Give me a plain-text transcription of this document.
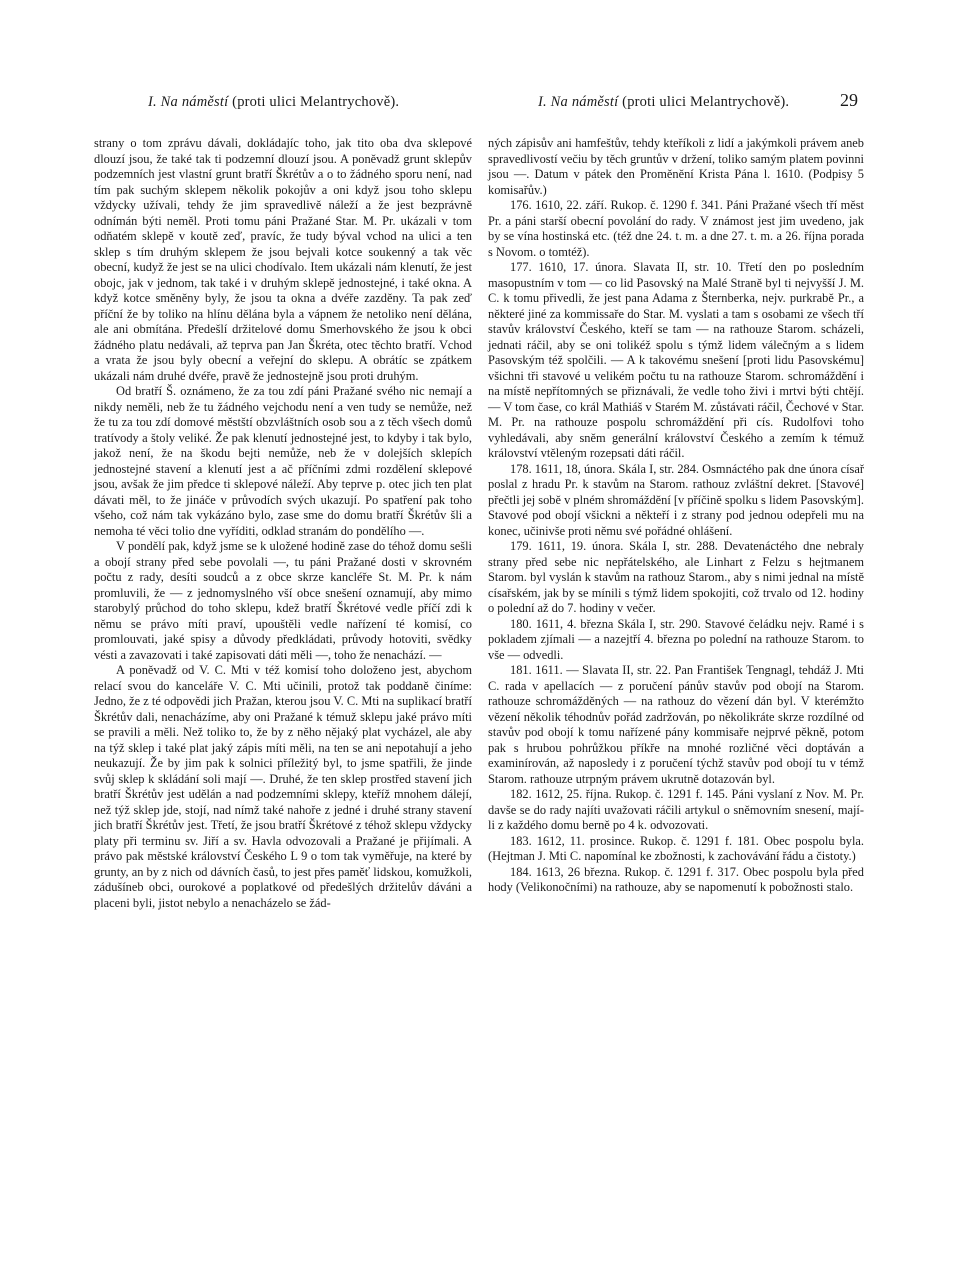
I. Na náměstí (proti ulici Melantrychově).	I. Na náměstí (proti ulici Melantrychově).	29

strany o tom zprávu dávali, dokládajíc toho, jak tito oba dva sklepové dlouzí jsou, že také tak ti podzemní dlouzí jsou. A poněvadž grunt sklepův podzemních jest vlastní grunt bratří Škrétův a o to žádného sporu není, nad tím pak suchým sklepem několik pokojův a oni když jsou toho sklepu vždycky užívali, tehdy že jim spravedlivě náleží a že jest bezprávně odnímán býti neměl. Proti tomu páni Pražané Star. M. Pr. ukázali v tom odňatém sklepě v koutě zeď, pravíc, že tudy býval vchod na ulici a ten sklep s tím druhým sklepem že jsou bejvali kotce soukenný a tak věc obecní, kudyž že jest se na ulici chodívalo. Item ukázali nám klenutí, že jest obojc, jak v jednom, tak také i v druhým sklepě jednostejné, i také okna. A když kotce směněny byly, že jsou ta okna a dvéře zazděny. Ta pak zeď příční že by toliko na hlínu dělána byla a vápnem že netoliko není dělána, ale ani obmítána. Předešlí držitelové domu Smerhovského že jsou k obci žádného platu nedávali, až teprva pan Jan Škréta, otec těchto bratří. Vchod a vrata že jsou byly obecní a veřejní do sklepu. A obrátíc se zpátkem ukázali nám druhé dvéře, pravě že jednostejně jsou proti druhým.

Od bratří Š. oznámeno, že za tou zdí páni Pražané svého nic nemají a nikdy neměli, neb že tu žádného vejchodu není a ven tudy se nemůže, než že tu za tou zdí domové městští obzvláštních osob sou a z těch všech domů tratívody a štoly veliké. Že pak klenutí jednostejné jest, to kdyby i tak bylo, jakož není, že na škodu bejti nemůže, neb že v dolejších sklepích jednostejné stavení a klenutí jest a ač příčními zdmi rozdělení sklepové jsou, avšak že jim předce ti sklepové náleží. Aby teprve p. otec jich ten plat dávati měl, to že jináče v průvodích svých ukazují. Po spatření pak toho všeho, což nám tak vykázáno bylo, zase sme do domu bratří Škrétův šli a nemoha té věci tolio dne vyříditi, odklad stranám do pondělího —.

V pondělí pak, když jsme se k uložené hodině zase do téhož domu sešli a obojí strany před sebe povolali —, tu páni Pražané dosti v skrovném počtu z rady, desíti soudců a z obce skrze kancléře St. M. Pr. k nám promluvili, že — z jednomyslného vší obce snešení oznamují, aby mimo starobylý průchod do toho sklepu, kdež bratří Škrétové vedle příčí zdi k němu se právo míti praví, upouštěli vedle nařízení té komisí, co promlouvati, jaké spisy a důvody předkládati, průvody hotoviti, svědky vésti a zavazovati i také zapisovati dáti měli —, toho že nenachází. —

A poněvadž od V. C. Mti v též komisí toho doloženo jest, abychom relací svou do kanceláře V. C. Mti učinili, protož tak poddaně činíme: Jedno, že z té odpovědi jich Pražan, kterou jsou V. C. Mti na suplikací bratří Škrétův dali, nenacházíme, aby oni Pražané k témuž sklepu jaké právo míti se pravili a měli. Než toliko to, že by z něho nějaký plat vycházel, ale aby na týž sklep i také plat jaký zápis míti měli, na ten se ani nepotahují a jeho neukazují. Že by jim pak k solnici příležitý byl, to jsme spatřili, že jinde svůj sklep k skládání soli mají —. Druhé, že ten sklep prostřed stavení jich bratří Škrétův jest udělán a nad podzemními sklepy, kteříž mnohem dálejí, než týž sklep jde, stojí, nad nímž také nahoře z jedné i druhé strany stavení jich bratří Škrétův jest. Třetí, že jsou bratří Škrétové z téhož sklepu vždycky platy při terminu sv. Jiří a sv. Havla odvozovali a Pražané je přijímali. A právo pak městské království Českého L 9 o tom tak vyměřuje, na které by grunty, an by z nich od dávních časů, to jest přes paměť lidskou, komužkoli, zádušíneb obci, ourokové a poplatkové od předešlých držitelův dáváni a placeni byli, jistot nebylo a nenacházelo se žád-

ných zápisův ani hamfeštův, tehdy kteříkoli z lidí a jakýmkoli právem aneb spravedlivostí večiu by těch gruntův v držení, toliko samým platem povinni jsou —. Datum v pátek den Proměnění Krista Pána l. 1610. (Podpisy 5 komisařův.)

176. 1610, 22. září. Rukop. č. 1290 f. 341. Páni Pražané všech tří měst Pr. a páni starší obecní povolání do rady. V známost jest jim uvedeno, jak by se vína hostinská etc. (též dne 24. t. m. a dne 27. t. m. a 26. října porada s Novom. o tomtéž).

177. 1610, 17. února. Slavata II, str. 10. Třetí den po posledním masopustním v tom — co lid Pasovský na Malé Straně byl ti nejvyšší J. M. C. k tomu přivedli, že jest pana Adama z Šternberka, nejv. purkrabě Pr., a některé jiné za kommissaře do Star. M. vyslati a tam s osobami ze všech tří stavův království Českého, kteří se tam — na rathouze Starom. scházeli, jednati ráčil, aby se oni tolikéž spolu s týmž lidem válečným a s lidem Pasovským též spolčili. — A k takovému snešení [proti lidu Pasovskému] všichni tři stavové u velikém počtu tu na rathouze Starom. schromáždění i na místě nepřítomných se přiznávali, že vedle toho živi i mrtvi býti chtějí. — V tom čase, co král Mathiáš v Starém M. zůstávati ráčil, Čechové v Star. M. Pr. na rathouze pospolu schromáždění při cís. Rudolfovi toho vyhledávali, aby sněm generální království Českého a zemím k témuž království vtěleným rozepsati dáti ráčil.

178. 1611, 18, února. Skála I, str. 284. Osmnáctého pak dne února císař poslal z hradu Pr. k stavům na Starom. rathouz zvláštní dekret. [Stavové] přečtli jej sobě v plném shromáždění [v příčině spolku s lidem Pasovským]. Stavové pod obojí všickni a někteří i z strany pod jednou odepřeli mu na konec, učinivše proti němu své pořádné ohlášení.

179. 1611, 19. února. Skála I, str. 288. Devatenáctého dne nebraly strany před sebe nic nepřátelského, ale Linhart z Felzu s hejtmanem Starom. byl vyslán k stavům na rathouz Starom., aby s nimi jednal na místě císařském, jak by se mínili s týmž lidem spokojiti, což trvalo od 12. hodiny o polední až do 7. hodiny v večer.

180. 1611, 4. března Skála I, str. 290. Stavové čeládku nejv. Ramé i s pokladem zjímali — a nazejtří 4. března po polední na rathouze Starom. to vše — odvedli.

181. 1611. — Slavata II, str. 22. Pan František Tengnagl, tehdáž J. Mti C. rada v apellacích — z poručení pánův stavův pod obojí na Starom. rathouze schromážděných — na rathouz do vězení dán byl. V kterémžto vězení několik téhodnův pořád zadržován, po několikráte skrze rozdílné od stavův pod obojí k tomu nařízené pány kommisaře nejprvé pěkně, potom pak s hrubou pohrůžkou příkře na mnohé rozličné věci doptáván a examinírován, až naposledy i z poručení týchž stavův pod obojí tu v témž Starom. rathouze utrpným právem ukrutně dotazován byl.

182. 1612, 25. října. Rukop. č. 1291 f. 145. Páni vyslaní z Nov. M. Pr. davše se do rady najíti uvažovati ráčili artykul o sněmovním snesení, mají-li z každého domu berně po 4 k. odvozovati.

183. 1612, 11. prosince. Rukop. č. 1291 f. 181. Obec pospolu byla. (Hejtman J. Mti C. napomínal ke zbožnosti, k zachovávání řádu a čistoty.)

184. 1613, 26 března. Rukop. č. 1291 f. 317. Obec pospolu byla před hody (Velikonočními) na rathouze, aby se napomenutí k pobožnosti stalo.
